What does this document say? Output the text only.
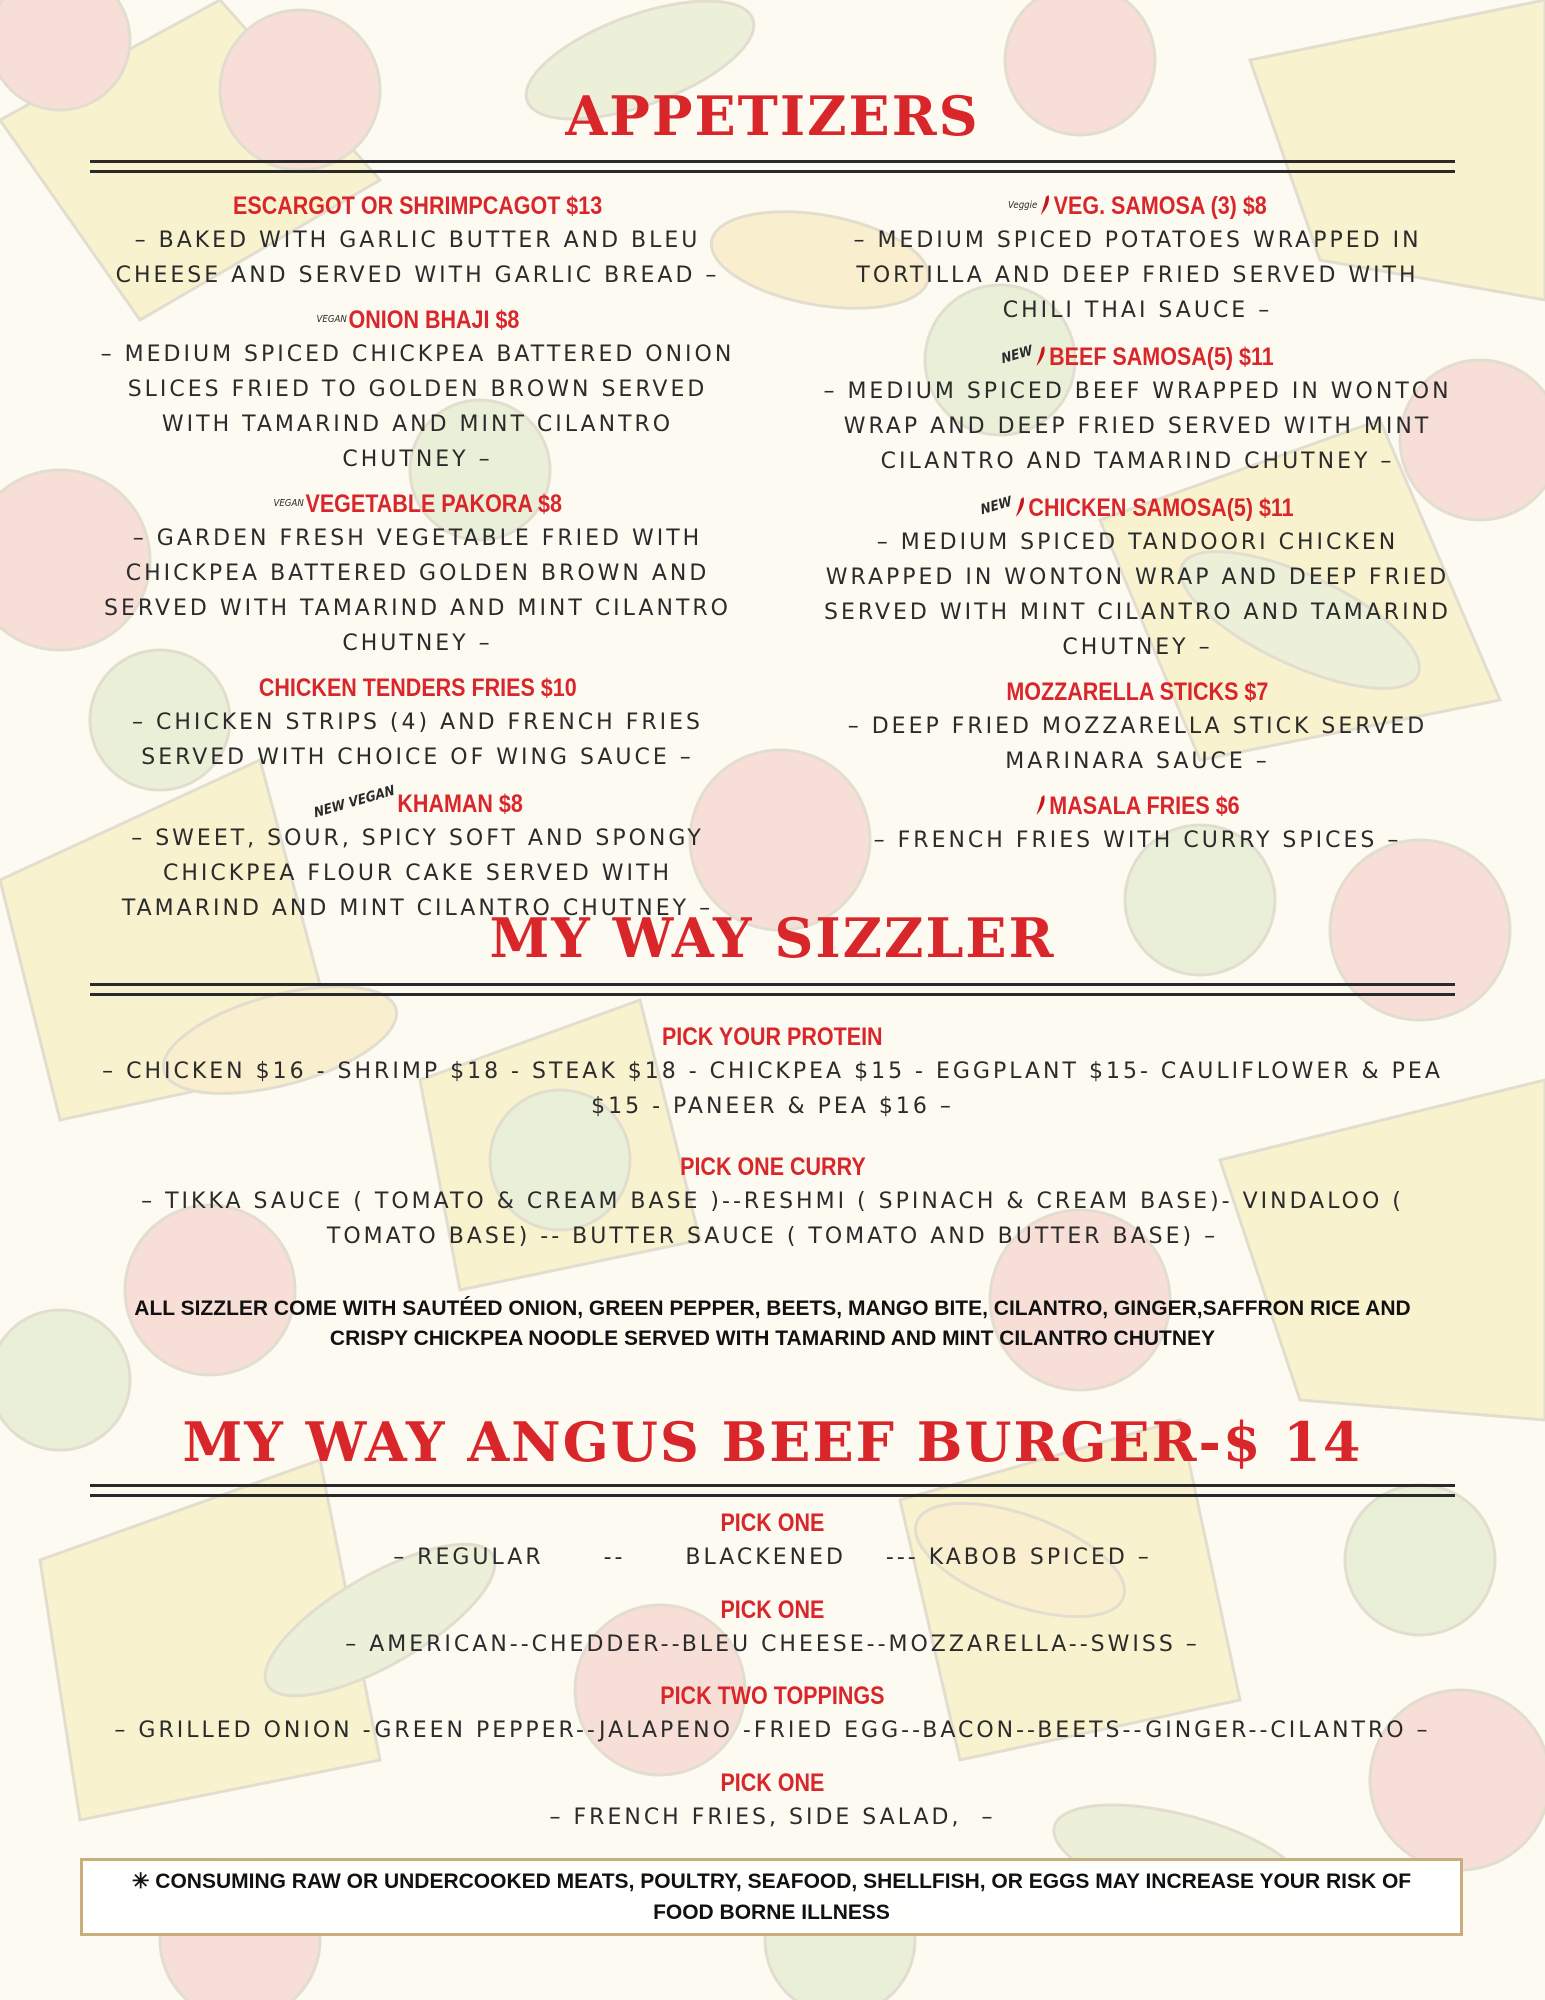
APPETIZERS
ESCARGOT OR SHRIMPCAGOT $13

– BAKED WITH GARLIC BUTTER AND BLEU CHEESE AND SERVED WITH GARLIC BREAD –

$^{VEGAN}$ONION BHAJI $8

– MEDIUM SPICED CHICKPEA BATTERED ONION SLICES FRIED TO GOLDEN BROWN SERVED WITH TAMARIND AND MINT CILANTRO CHUTNEY –

$^{VEGAN}$VEGETABLE PAKORA $8

– GARDEN FRESH VEGETABLE FRIED WITH CHICKPEA BATTERED GOLDEN BROWN AND SERVED WITH TAMARIND AND MINT CILANTRO CHUTNEY –

CHICKEN TENDERS FRIES $10

– CHICKEN STRIPS (4) AND FRENCH FRIES SERVED WITH CHOICE OF WING SAUCE –

NEW VEGANKHAMAN $8

– SWEET, SOUR, SPICY SOFT AND SPONGY CHICKPEA FLOUR CAKE SERVED WITH TAMARIND AND MINT CILANTRO CHUTNEY –

$^{Veggie}$ VEG. SAMOSA (3) $8

– MEDIUM SPICED POTATOES WRAPPED IN TORTILLA AND DEEP FRIED SERVED WITH CHILI THAI SAUCE –

NEW BEEF SAMOSA(5) $11

– MEDIUM SPICED BEEF WRAPPED IN WONTON WRAP AND DEEP FRIED SERVED WITH MINT CILANTRO AND TAMARIND CHUTNEY –

NEW CHICKEN SAMOSA(5) $11

– MEDIUM SPICED TANDOORI CHICKEN WRAPPED IN WONTON WRAP AND DEEP FRIED SERVED WITH MINT CILANTRO AND TAMARIND CHUTNEY –

MOZZARELLA STICKS $7

– DEEP FRIED MOZZARELLA STICK SERVED MARINARA SAUCE –

MASALA FRIES $6

– FRENCH FRIES WITH CURRY SPICES –

MY WAY SIZZLER
PICK YOUR PROTEIN

– CHICKEN $16 - SHRIMP $18 - STEAK $18 - CHICKPEA $15 - EGGPLANT $15- CAULIFLOWER & PEA $15 - PANEER & PEA $16 –

PICK ONE CURRY

– TIKKA SAUCE ( TOMATO & CREAM BASE )--RESHMI ( SPINACH & CREAM BASE)- VINDALOO ( TOMATO BASE) -- BUTTER SAUCE ( TOMATO AND BUTTER BASE) –

ALL SIZZLER COME WITH SAUTÉED ONION, GREEN PEPPER, BEETS, MANGO BITE, CILANTRO, GINGER,SAFFRON RICE AND CRISPY CHICKPEA NOODLE SERVED WITH TAMARIND AND MINT CILANTRO CHUTNEY
MY WAY ANGUS BEEF BURGER-$ 14
PICK ONE

– REGULAR      --      BLACKENED    --- KABOB SPICED –

PICK ONE

– AMERICAN--CHEDDER--BLEU CHEESE--MOZZARELLA--SWISS –

PICK TWO TOPPINGS

– GRILLED ONION -GREEN PEPPER--JALAPENO -FRIED EGG--BACON--BEETS--GINGER--CILANTRO –

PICK ONE

– FRENCH FRIES, SIDE SALAD,  –

✳ CONSUMING RAW OR UNDERCOOKED MEATS, POULTRY, SEAFOOD, SHELLFISH, OR EGGS MAY INCREASE YOUR RISK OF FOOD BORNE ILLNESS
